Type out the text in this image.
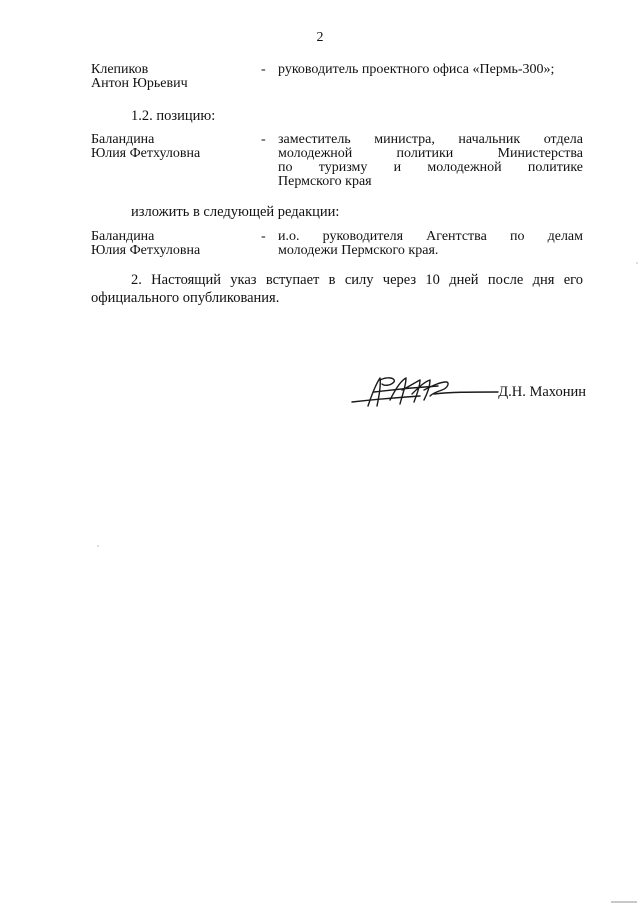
2
Клепиков
Антон Юрьевич
- руководитель проектного офиса «Пермь-300»;
1.2. позицию:
Баландина
Юлия Фетхуловна
- заместитель министра, начальник отдела
молодежной политики Министерства
по туризму и молодежной политике
Пермского края
изложить в следующей редакции:
Баландина
Юлия Фетхуловна
- и.о. руководителя Агентства по делам
молодежи Пермского края.
2. Настоящий указ вступает в силу через 10 дней после дня его
официального опубликования.
Д.Н. Махонин
